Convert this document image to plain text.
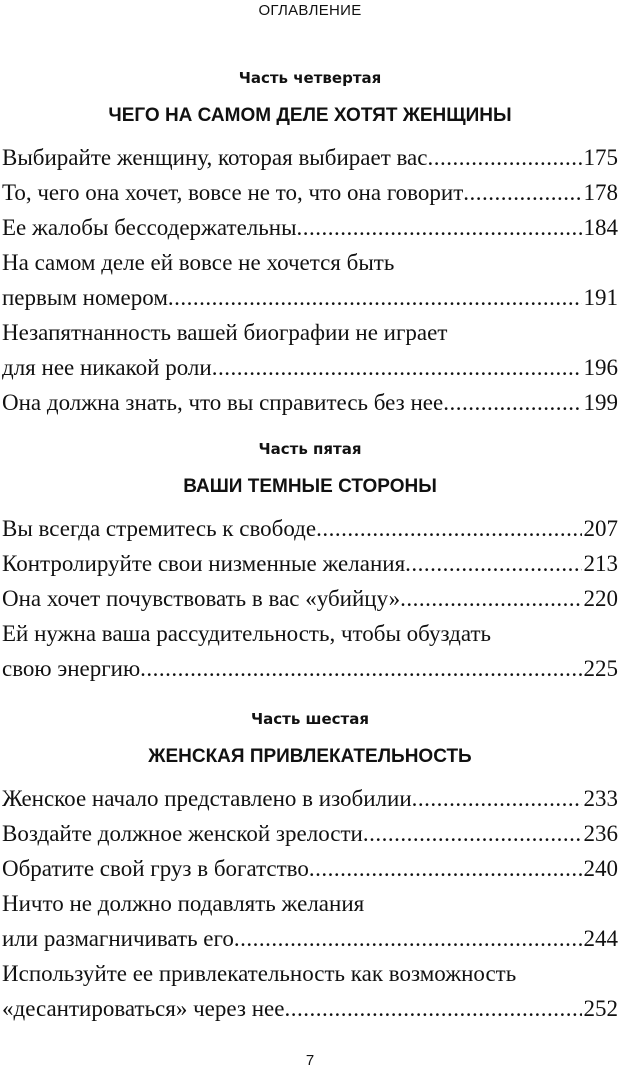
ОГЛАВЛЕНИЕ
Часть четвертая
ЧЕГО НА САМОМ ДЕЛЕ ХОТЯТ ЖЕНЩИНЫ
Выбирайте женщину, которая выбирает вас .....	175
То, чего она хочет, вовсе не то, что она говорит .....	178
Ее жалобы бессодержательны .....	184
На самом деле ей вовсе не хочется быть
первым номером .....	191
Незапятнанность вашей биографии не играет
для нее никакой роли .....	196
Она должна знать, что вы справитесь без нее .....	199
Часть пятая
ВАШИ ТЕМНЫЕ СТОРОНЫ
Вы всегда стремитесь к свободе .....	207
Контролируйте свои низменные желания .....	213
Она хочет почувствовать в вас «убийцу» .....	220
Ей нужна ваша рассудительность, чтобы обуздать
свою энергию .....	225
Часть шестая
ЖЕНСКАЯ ПРИВЛЕКАТЕЛЬНОСТЬ
Женское начало представлено в изобилии .....	233
Воздайте должное женской зрелости .....	236
Обратите свой груз в богатство .....	240
Ничто не должно подавлять желания
или размагничивать его .....	244
Используйте ее привлекательность как возможность
«десантироваться» через нее .....	252
7
